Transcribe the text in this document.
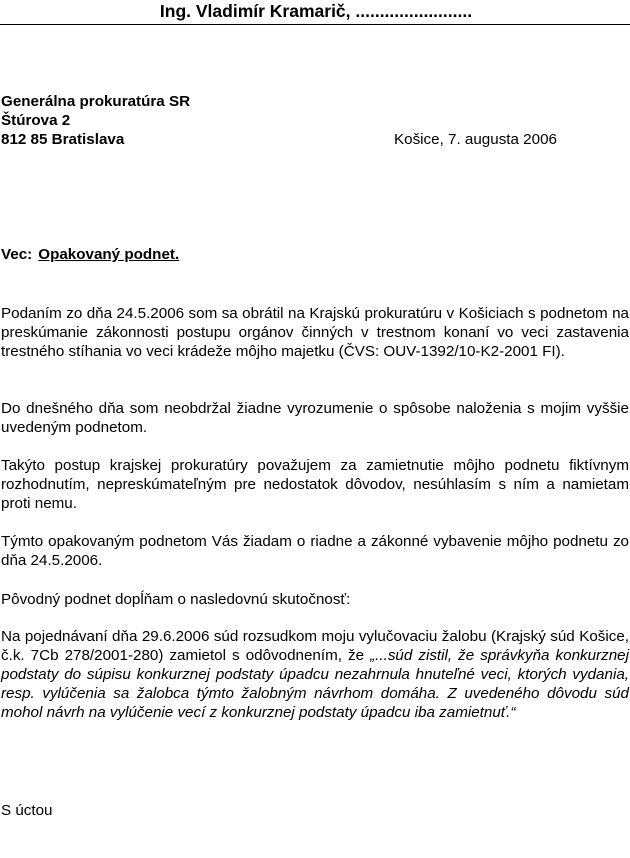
Ing. Vladimír Kramarič, ........................
Generálna prokuratúra SR
Štúrova 2
812 85 Bratislava	Košice, 7. augusta 2006
Vec: Opakovaný podnet.
Podaním zo dňa 24.5.2006 som sa obrátil na Krajskú prokuratúru v Košiciach s podnetom na preskúmanie zákonnosti postupu orgánov činných v trestnom konaní vo veci zastavenia trestného stíhania vo veci krádeže môjho majetku (ČVS: OUV-1392/10-K2-2001 FI).
Do dnešného dňa som neobdržal žiadne vyrozumenie o spôsobe naloženia s mojim vyššie uvedeným podnetom.
Takýto postup krajskej prokuratúry považujem za zamietnutie môjho podnetu fiktívnym rozhodnutím, nepreskúmateľným pre nedostatok dôvodov, nesúhlasím s ním a namietam proti nemu.
Týmto opakovaným podnetom Vás žiadam o riadne a zákonné vybavenie môjho podnetu zo dňa 24.5.2006.
Pôvodný podnet dopĺňam o nasledovnú skutočnosť:
Na pojednávaní dňa 29.6.2006 súd rozsudkom moju vylučovaciu žalobu (Krajský súd Košice, č.k. 7Cb 278/2001-280) zamietol s odôvodnením, že „...súd zistil, že správkyňa konkurznej podstaty do súpisu konkurznej podstaty úpadcu nezahrnula hnuteľné veci, ktorých vydania, resp. vylúčenia sa žalobca týmto žalobným návrhom domáha. Z uvedeného dôvodu súd mohol návrh na vylúčenie vecí z konkurznej podstaty úpadcu iba zamietnuť.“
S úctou
